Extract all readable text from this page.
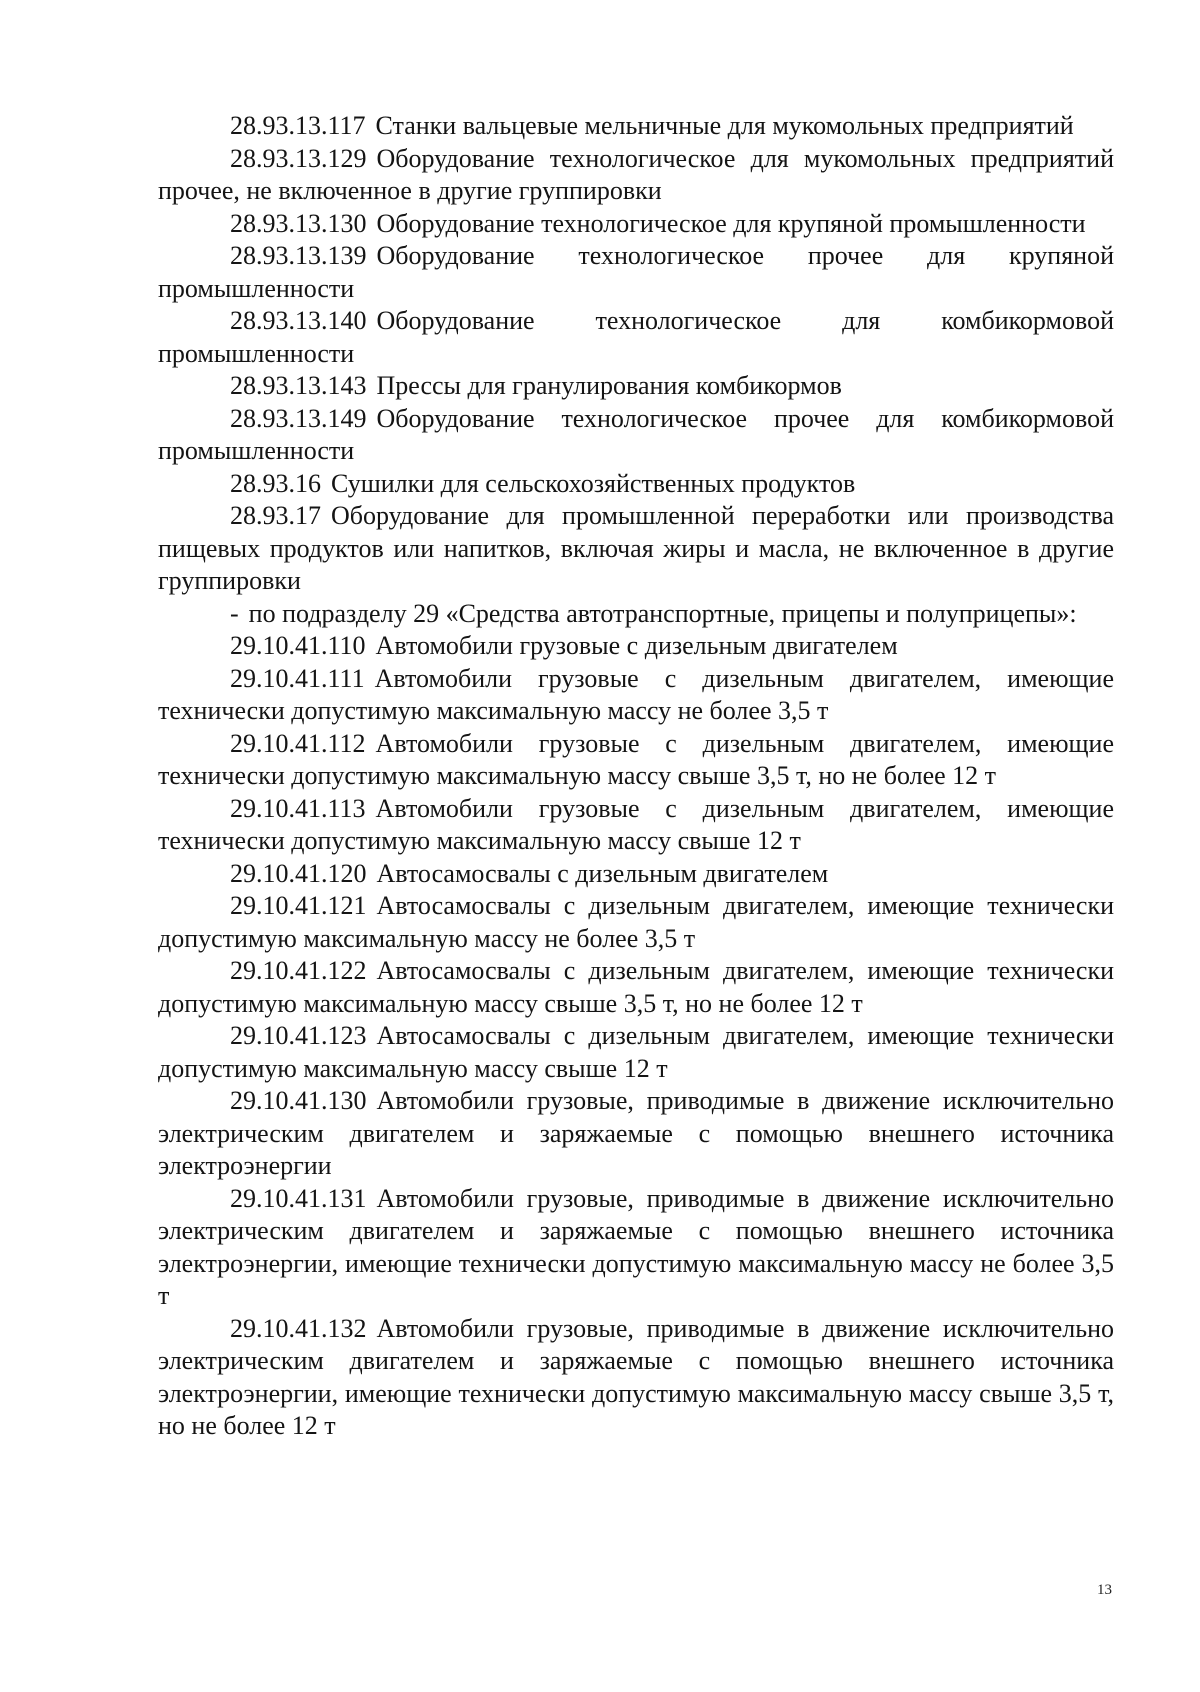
28.93.13.117 Станки вальцевые мельничные для мукомольных предприятий

28.93.13.129 Оборудование технологическое для мукомольных предприятий прочее, не включенное в другие группировки

28.93.13.130 Оборудование технологическое для крупяной промышленности

28.93.13.139 Оборудование технологическое прочее для крупяной промышленности

28.93.13.140 Оборудование технологическое для комбикормовой промышленности

28.93.13.143 Прессы для гранулирования комбикормов

28.93.13.149 Оборудование технологическое прочее для комбикормовой промышленности

28.93.16 Сушилки для сельскохозяйственных продуктов

28.93.17 Оборудование для промышленной переработки или производства пищевых продуктов или напитков, включая жиры и масла, не включенное в другие группировки

- по подразделу 29 «Средства автотранспортные, прицепы и полуприцепы»:

29.10.41.110 Автомобили грузовые с дизельным двигателем

29.10.41.111 Автомобили грузовые с дизельным двигателем, имеющие технически допустимую максимальную массу не более 3,5 т

29.10.41.112 Автомобили грузовые с дизельным двигателем, имеющие технически допустимую максимальную массу свыше 3,5 т, но не более 12 т

29.10.41.113 Автомобили грузовые с дизельным двигателем, имеющие технически допустимую максимальную массу свыше 12 т

29.10.41.120 Автосамосвалы с дизельным двигателем

29.10.41.121 Автосамосвалы с дизельным двигателем, имеющие технически допустимую максимальную массу не более 3,5 т

29.10.41.122 Автосамосвалы с дизельным двигателем, имеющие технически допустимую максимальную массу свыше 3,5 т, но не более 12 т

29.10.41.123 Автосамосвалы с дизельным двигателем, имеющие технически допустимую максимальную массу свыше 12 т

29.10.41.130 Автомобили грузовые, приводимые в движение исключительно электрическим двигателем и заряжаемые с помощью внешнего источника электроэнергии

29.10.41.131 Автомобили грузовые, приводимые в движение исключительно электрическим двигателем и заряжаемые с помощью внешнего источника электроэнергии, имеющие технически допустимую максимальную массу не более 3,5 т

29.10.41.132 Автомобили грузовые, приводимые в движение исключительно электрическим двигателем и заряжаемые с помощью внешнего источника электроэнергии, имеющие технически допустимую максимальную массу свыше 3,5 т, но не более 12 т

13
